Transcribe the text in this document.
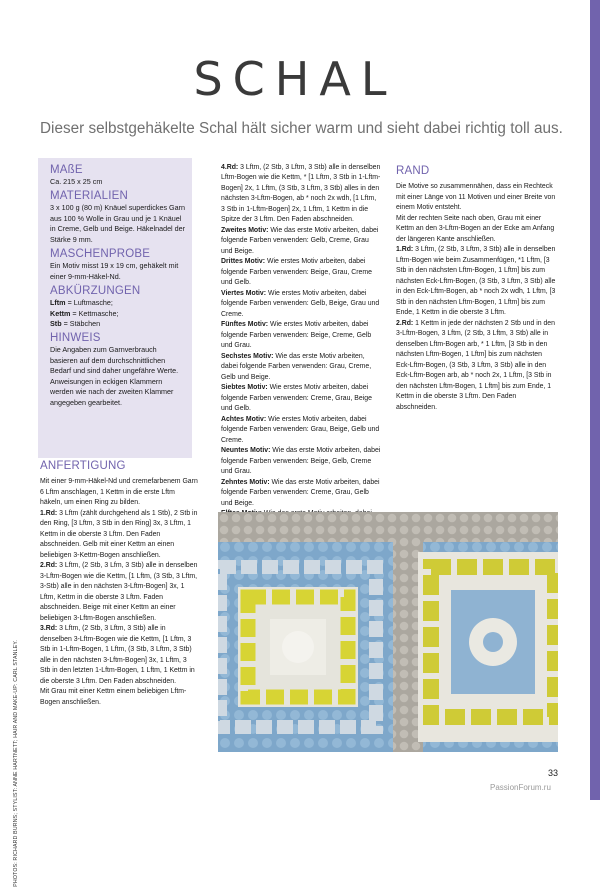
SCHAL
Dieser selbstgehäkelte Schal hält sicher warm und sieht dabei richtig toll aus.
MAßE
Ca. 215 x 25 cm
MATERIALIEN
3 x 100 g (80 m) Knäuel superdickes Garn aus 100 % Wolle in Grau und je 1 Knäuel in Creme, Gelb und Beige. Häkelnadel der Stärke 9 mm.
MASCHENPROBE
Ein Motiv misst 19 x 19 cm, gehäkelt mit einer 9-mm-Häkel-Nd.
ABKÜRZUNGEN
Lftm = Luftmasche;
Kettm = Kettmasche;
Stb = Stäbchen
HINWEIS
Die Angaben zum Garnverbrauch basieren auf dem durchschnittlichen Bedarf und sind daher ungefähre Werte. Anweisungen in eckigen Klammern werden wie nach der zweiten Klammer angegeben gearbeitet.
ANFERTIGUNG

Mit einer 9-mm-Häkel-Nd und cremefarbenem Garn 6 Lftm anschlagen, 1 Kettm in die erste Lftm häkeln, um einen Ring zu bilden.

1.Rd: 3 Lftm (zählt durchgehend als 1 Stb), 2 Stb in den Ring, [3 Lftm, 3 Stb in den Ring] 3x, 3 Lftm, 1 Kettm in die oberste 3 Lftm. Den Faden abschneiden. Gelb mit einer Kettm an einen beliebigen 3-Kettm-Bogen anschließen.

2.Rd: 3 Lftm, (2 Stb, 3 Lfm, 3 Stb) alle in denselben 3-Lftm-Bogen wie die Kettm, [1 Lftm, (3 Stb, 3 Lftm, 3-Stb) alle in den nächsten 3-Lftm-Bogen] 3x, 1 Lftm, Kettm in die oberste 3 Lftm. Faden abschneiden. Beige mit einer Kettm an einer beliebigen 3-Lftm-Bogen anschließen.

3.Rd: 3 Lftm, (2 Stb, 3 Lftm, 3 Stb) alle in denselben 3-Lftm-Bogen wie die Kettm, [1 Lftm, 3 Stb in 1-Lftm-Bogen, 1 Lftm, (3 Stb, 3 Lftm, 3 Stb) alle in den nächsten 3-Lftm-Bogen] 3x, 1 Lftm, 3 Stb in den letzten 1-Lftm-Bogen, 1 Lftm, 1 Kettm in die oberste 3 Lftm. Den Faden abschneiden.

Mit Grau mit einer Kettm einem beliebigen Lftm-Bogen anschließen.

4.Rd: 3 Lftm, (2 Stb, 3 Lftm, 3 Stb) alle in denselben Lftm-Bogen wie die Kettm, * [1 Lftm, 3 Stb in 1-Lftm-Bogen] 2x, 1 Lftm, (3 Stb, 3 Lftm, 3 Stb) alles in den nächsten 3-Lftm-Bogen, ab * noch 2x wdh, [1 Lftm, 3 Stb in 1-Lftm-Bogen] 2x, 1 Lftm, 1 Kettm in die Spitze der 3 Lftm. Den Faden abschneiden.

Zweites Motiv: Wie das erste Motiv arbeiten, dabei folgende Farben verwenden: Gelb, Creme, Grau und Beige.

Drittes Motiv: Wie erstes Motiv arbeiten, dabei folgende Farben verwenden: Beige, Grau, Creme und Gelb.

Viertes Motiv: Wie erstes Motiv arbeiten, dabei folgende Farben verwenden: Gelb, Beige, Grau und Creme.

Fünftes Motiv: Wie erstes Motiv arbeiten, dabei folgende Farben verwenden: Beige, Creme, Gelb und Grau.

Sechstes Motiv: Wie das erste Motiv arbeiten, dabei folgende Farben verwenden: Grau, Creme, Gelb und Beige.

Siebtes Motiv: Wie erstes Motiv arbeiten, dabei folgende Farben verwenden: Creme, Grau, Beige und Gelb.

Achtes Motiv: Wie erstes Motiv arbeiten, dabei folgende Farben verwenden: Grau, Beige, Gelb und Creme.

Neuntes Motiv: Wie das erste Motiv arbeiten, dabei folgende Farben verwenden: Beige, Gelb, Creme und Grau.

Zehntes Motiv: Wie das erste Motiv arbeiten, dabei folgende Farben verwenden: Creme, Grau, Gelb und Beige.

RAND

Die Motive so zusammennähen, dass ein Rechteck mit einer Länge von 11 Motiven und einer Breite von einem Motiv entsteht.

Mit der rechten Seite nach oben, Grau mit einer Kettm an den 3-Lftm-Bogen an der Ecke am Anfang der längeren Kante anschließen.

1.Rd: 3 Lftm, (2 Stb, 3 Lftm, 3 Stb) alle in denselben Lftm-Bogen wie beim Zusammenfügen, *1 Lftm, [3 Stb in den nächsten Lftm-Bogen, 1 Lftm] bis zum nächsten Eck-Lftm-Bogen, (3 Stb, 3 Lftm, 3 Stb) alle in den Eck-Lftm-Bogen, ab * noch 2x wdh, 1 Lftm, [3 Stb in den nächsten Lftm-Bogen, 1 Lftm] bis zum Ende, 1 Kettm in die oberste 3 Lftm.

2.Rd: 1 Kettm in jede der nächsten 2 Stb und in den 3-Lftm-Bogen, 3 Lftm, (2 Stb, 3 Lftm, 3 Stb) alle in denselben Lftm-Bogen arb, * 1 Lftm, [3 Stb in den nächsten Lftm-Bogen, 1 Lftm] bis zum nächsten Eck-Lftm-Bogen, (3 Stb, 3 Lftm, 3 Stb) alle in den Eck-Lftm-Bogen arb, ab * noch 2x, 1 Lftm, [3 Stb in den nächsten Lftm-Bogen, 1 Lftm] bis zum Ende, 1 Kettm in die oberste 3 Lftm. Den Faden abschneiden.

PHOTOS: RICHARD BURNS; STYLIST: ANNE HARTNETT; HAIR AND MAKE-UP: CARL STANLEY.	33
PassionForum.ru
